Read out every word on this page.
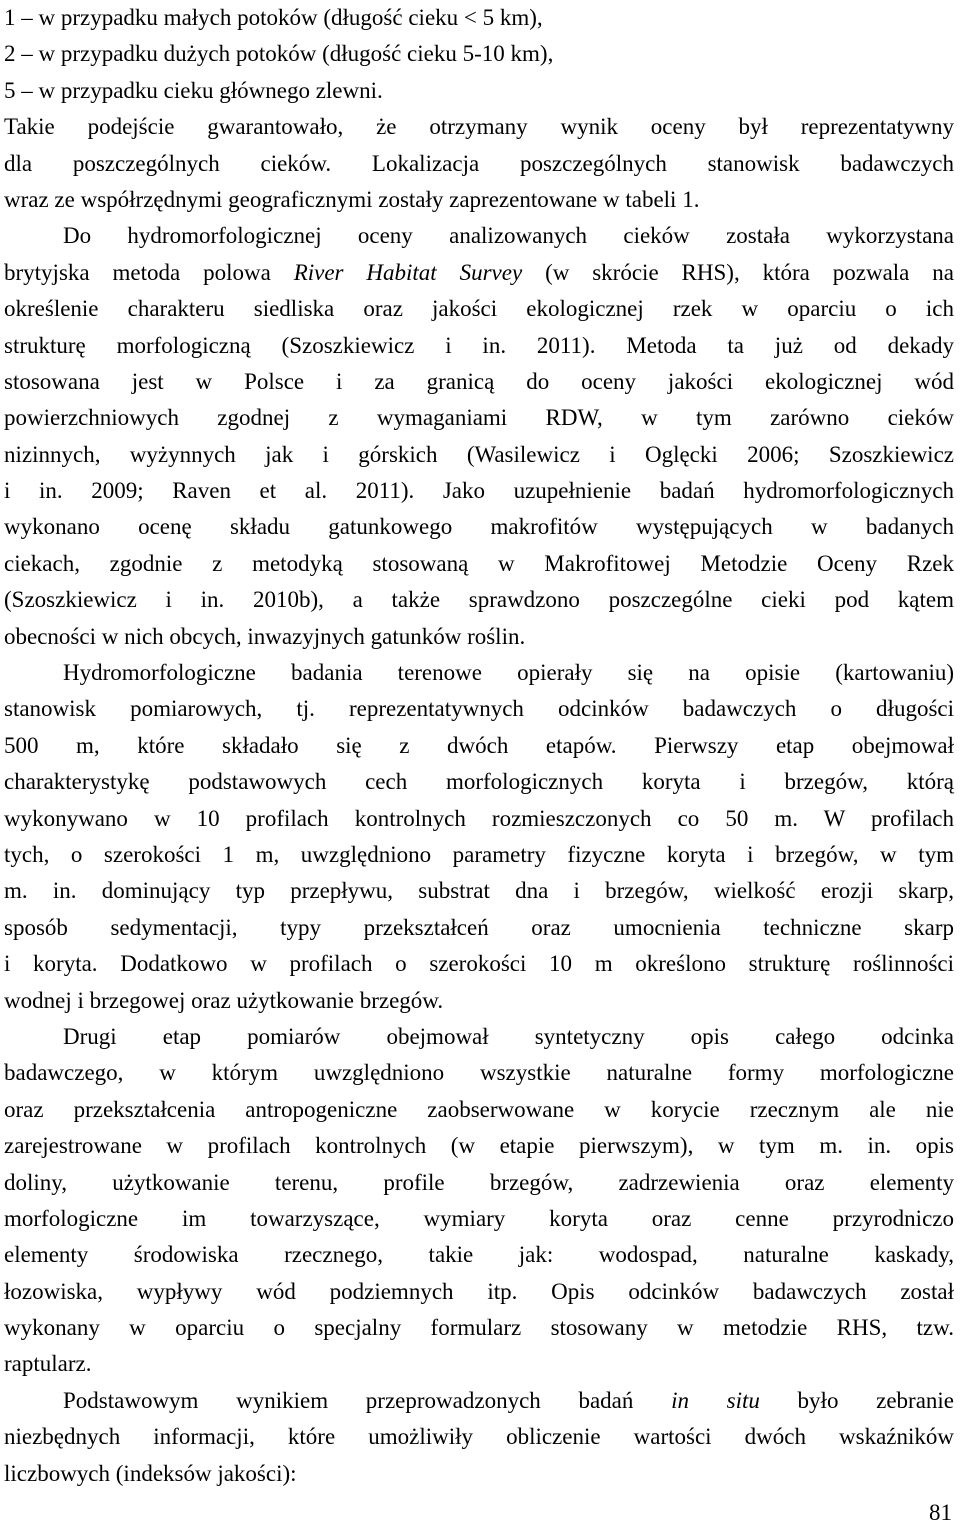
1 – w przypadku małych potoków (długość cieku < 5 km),
2 – w przypadku dużych potoków (długość cieku 5-10 km),
5 – w przypadku cieku głównego zlewni.
Takie podejście gwarantowało, że otrzymany wynik oceny był reprezentatywny
dla poszczególnych cieków. Lokalizacja poszczególnych stanowisk badawczych
wraz ze współrzędnymi geograficznymi zostały zaprezentowane w tabeli 1.
Do hydromorfologicznej oceny analizowanych cieków została wykorzystana
brytyjska metoda polowa River Habitat Survey (w skrócie RHS), która pozwala na
określenie charakteru siedliska oraz jakości ekologicznej rzek w oparciu o ich
strukturę morfologiczną (Szoszkiewicz i in. 2011). Metoda ta już od dekady
stosowana jest w Polsce i za granicą do oceny jakości ekologicznej wód
powierzchniowych zgodnej z wymaganiami RDW, w tym zarówno cieków
nizinnych, wyżynnych jak i górskich (Wasilewicz i Oglęcki 2006; Szoszkiewicz
i in. 2009; Raven et al. 2011). Jako uzupełnienie badań hydromorfologicznych
wykonano ocenę składu gatunkowego makrofitów występujących w badanych
ciekach, zgodnie z metodyką stosowaną w Makrofitowej Metodzie Oceny Rzek
(Szoszkiewicz i in. 2010b), a także sprawdzono poszczególne cieki pod kątem
obecności w nich obcych, inwazyjnych gatunków roślin.
Hydromorfologiczne badania terenowe opierały się na opisie (kartowaniu)
stanowisk pomiarowych, tj. reprezentatywnych odcinków badawczych o długości
500 m, które składało się z dwóch etapów. Pierwszy etap obejmował
charakterystykę podstawowych cech morfologicznych koryta i brzegów, którą
wykonywano w 10 profilach kontrolnych rozmieszczonych co 50 m. W profilach
tych, o szerokości 1 m, uwzględniono parametry fizyczne koryta i brzegów, w tym
m. in. dominujący typ przepływu, substrat dna i brzegów, wielkość erozji skarp,
sposób sedymentacji, typy przekształceń oraz umocnienia techniczne skarp
i koryta. Dodatkowo w profilach o szerokości 10 m określono strukturę roślinności
wodnej i brzegowej oraz użytkowanie brzegów.
Drugi etap pomiarów obejmował syntetyczny opis całego odcinka
badawczego, w którym uwzględniono wszystkie naturalne formy morfologiczne
oraz przekształcenia antropogeniczne zaobserwowane w korycie rzecznym ale nie
zarejestrowane w profilach kontrolnych (w etapie pierwszym), w tym m. in. opis
doliny, użytkowanie terenu, profile brzegów, zadrzewienia oraz elementy
morfologiczne im towarzyszące, wymiary koryta oraz cenne przyrodniczo
elementy środowiska rzecznego, takie jak: wodospad, naturalne kaskady,
łozowiska, wypływy wód podziemnych itp. Opis odcinków badawczych został
wykonany w oparciu o specjalny formularz stosowany w metodzie RHS, tzw.
raptularz.
Podstawowym wynikiem przeprowadzonych badań in situ było zebranie
niezbędnych informacji, które umożliwiły obliczenie wartości dwóch wskaźników
liczbowych (indeksów jakości):
81
